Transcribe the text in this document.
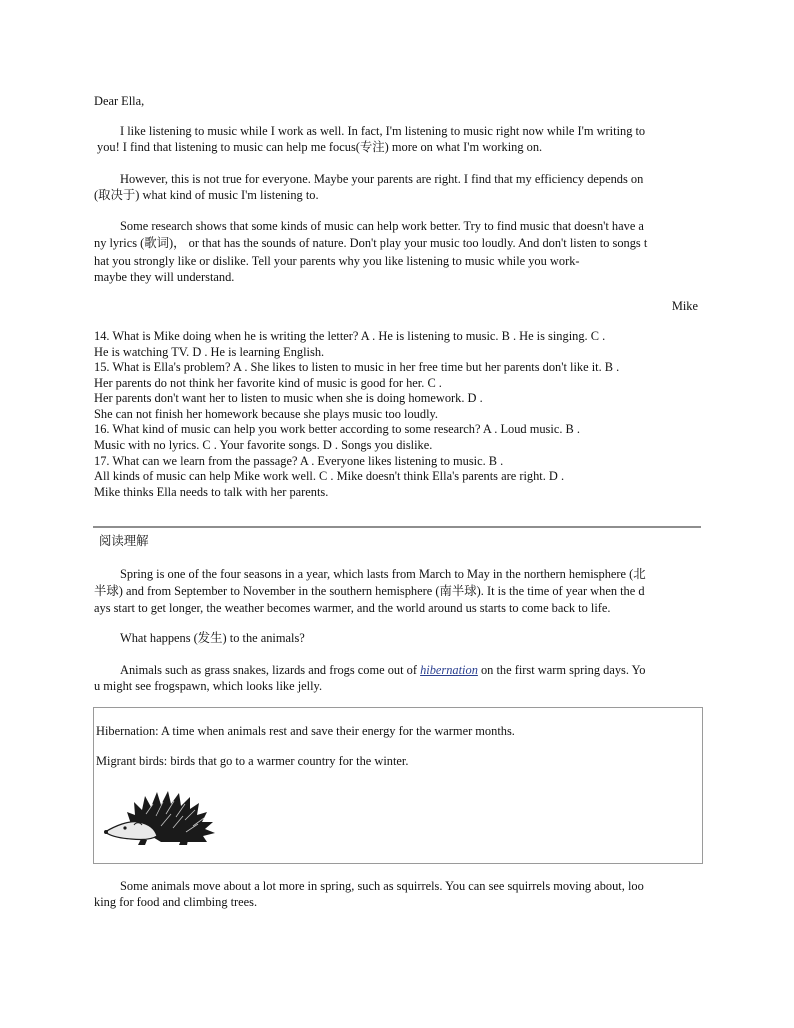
Dear Ella,
I like listening to music while I work as well. In fact, I'm listening to music right now while I'm writing to
you! I find that listening to music can help me focus(专注) more on what I'm working on.
However, this is not true for everyone. Maybe your parents are right. I find that my efficiency depends on
(取决于) what kind of music I'm listening to.
Some research shows that some kinds of music can help work better. Try to find music that doesn't have a
ny lyrics (歌词)， or that has the sounds of nature. Don't play your music too loudly. And don't listen to songs t
hat you strongly like or dislike. Tell your parents why you like listening to music while you work-
maybe they will understand.
Mike
14. What is Mike doing when he is writing the letter? A . He is listening to music. B . He is singing. C .
He is watching TV. D . He is learning English.
15. What is Ella's problem? A . She likes to listen to music in her free time but her parents don't like it. B .
Her parents do not think her favorite kind of music is good for her. C .
Her parents don't want her to listen to music when she is doing homework. D .
She can not finish her homework because she plays music too loudly.
16. What kind of music can help you work better according to some research? A . Loud music. B .
Music with no lyrics. C . Your favorite songs. D . Songs you dislike.
17. What can we learn from the passage? A . Everyone likes listening to music. B .
All kinds of music can help Mike work well. C . Mike doesn't think Ella's parents are right. D .
Mike thinks Ella needs to talk with her parents.
阅读理解
Spring is one of the four seasons in a year, which lasts from March to May in the northern hemisphere (北
半球) and from September to November in the southern hemisphere (南半球). It is the time of year when the d
ays start to get longer, the weather becomes warmer, and the world around us starts to come back to life.
What happens (发生) to the animals?
Animals such as grass snakes, lizards and frogs come out of hibernation on the first warm spring days. Yo
u might see frogspawn, which looks like jelly.
Hibernation: A time when animals rest and save their energy for the warmer months.
Migrant birds: birds that go to a warmer country for the winter.
Some animals move about a lot more in spring, such as squirrels. You can see squirrels moving about, loo
king for food and climbing trees.
